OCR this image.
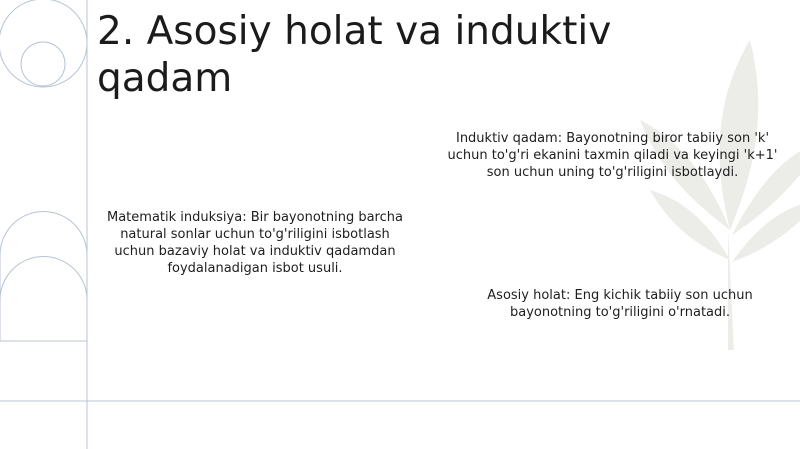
2. Asosiy holat va induktiv qadam

Matematik induksiya: Bir bayonotning barcha natural sonlar uchun to'g'riligini isbotlash uchun bazaviy holat va induktiv qadamdan foydalanadigan isbot usuli.

Induktiv qadam: Bayonotning biror tabiiy son 'k' uchun to'g'ri ekanini taxmin qiladi va keyingi 'k+1' son uchun uning to'g'riligini isbotlaydi.

Asosiy holat: Eng kichik tabiiy son uchun bayonotning to'g'riligini o'rnatadi.
